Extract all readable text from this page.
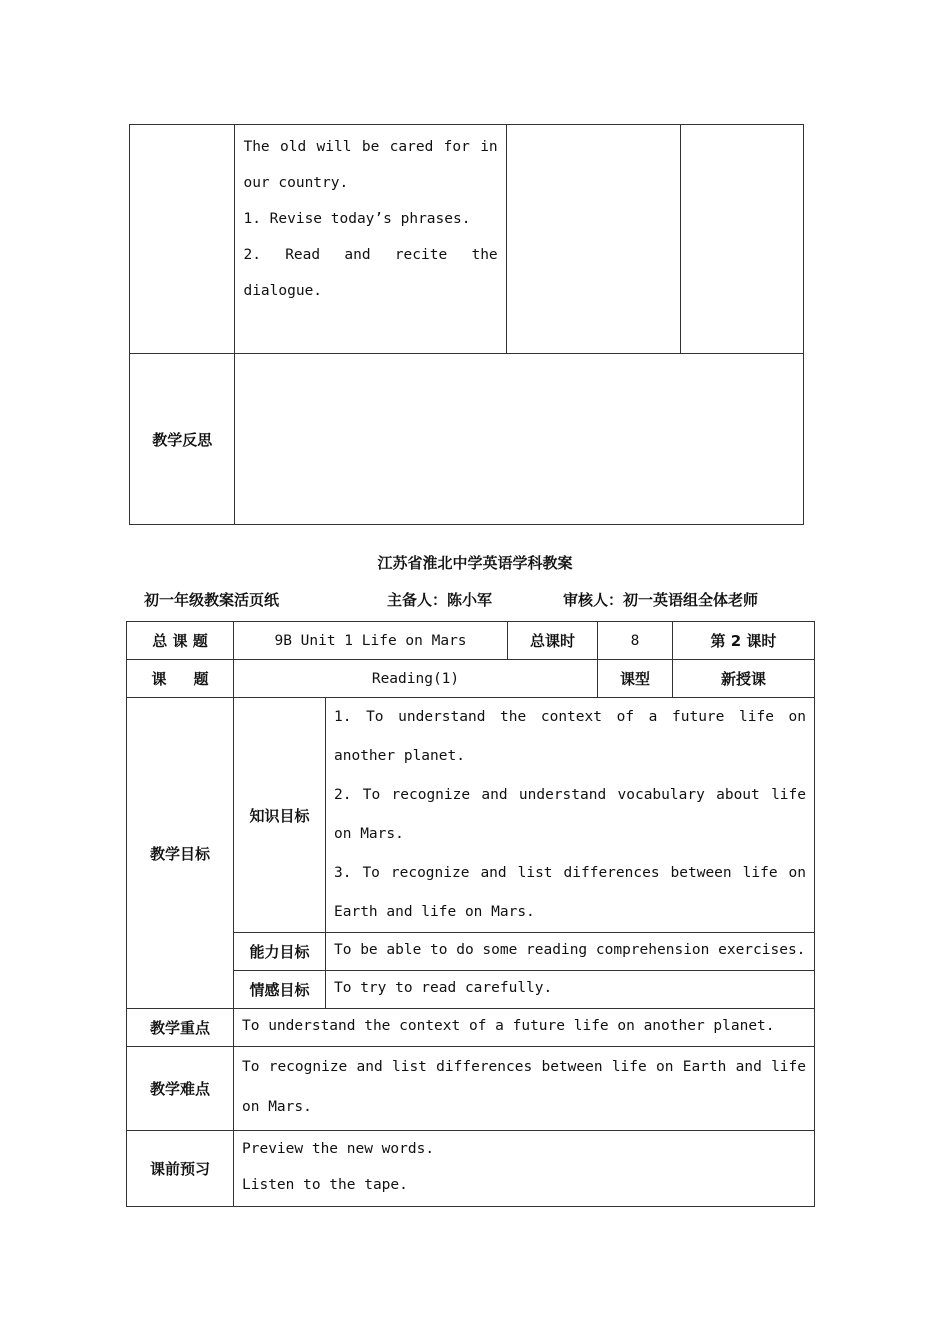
	The old will be cared for in our country.

1. Revise today’s phrases.

2. Read and recite the dialogue.		

教学反思			
江苏省淮北中学英语学科教案
初一年级教案活页纸	主备人：陈小军	审核人：初一英语组全体老师
总 课 题	9B Unit 1 Life on Mars		总课时	8	第 2 课时
课    题	Reading(1)			课型	新授课
教学目标	知识目标	1. To understand the context of a future life on another planet.

2. To recognize and understand vocabulary about life on Mars.

3. To recognize and list differences between life on Earth and life on Mars.			

	能力目标	To be able to do some reading comprehension exercises.			
	情感目标	To try to read carefully.			
教学重点	To understand the context of a future life on another planet.				
教学难点	To recognize and list differences between life on Earth and life on Mars.				
课前预习	Preview the new words.
Listen to the tape.				
